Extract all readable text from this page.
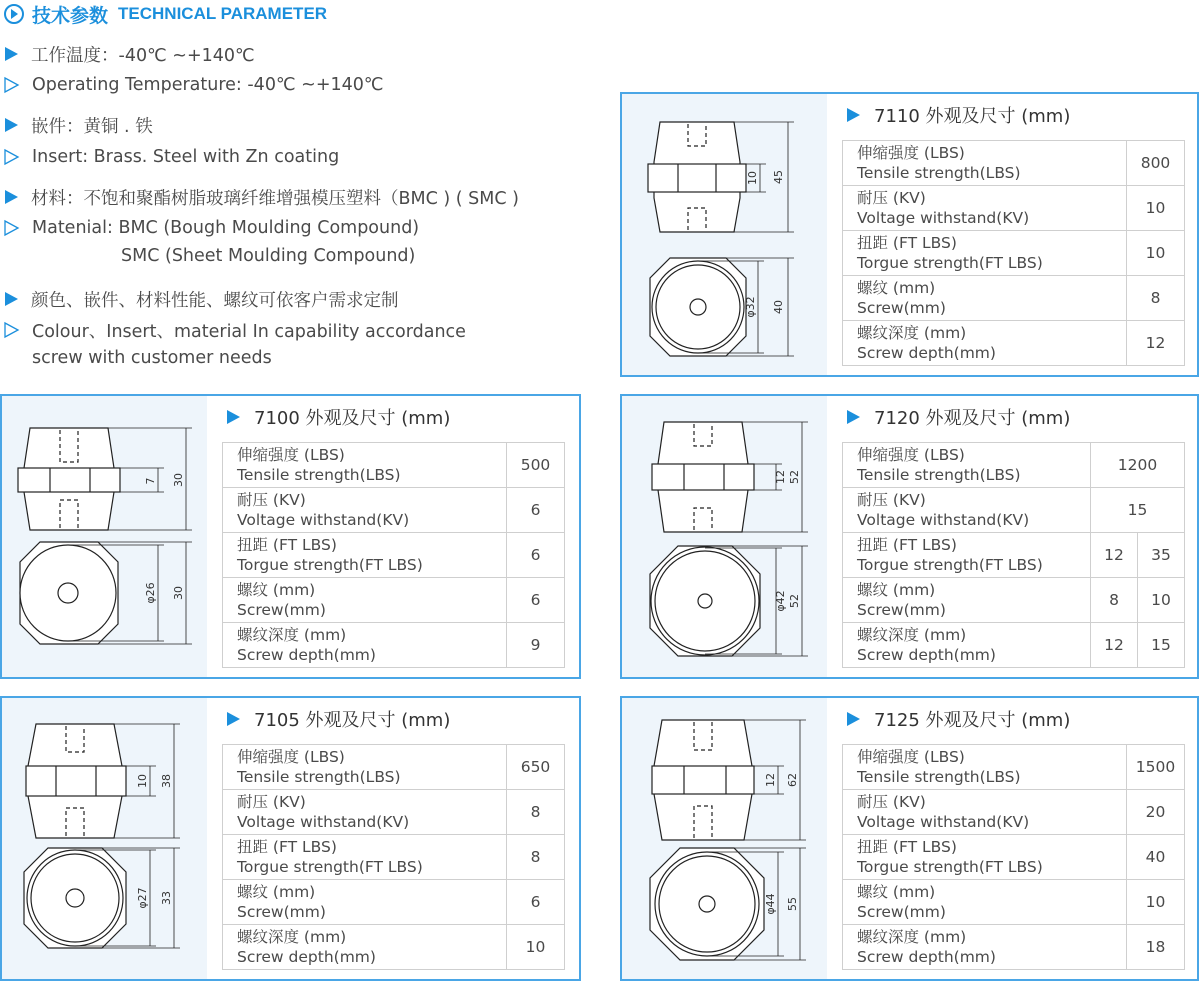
技术参数 TECHNICAL PARAMETER
工作温度：-40℃ ~+140℃
Operating Temperature: -40℃ ~+140℃
嵌件：黄铜 . 铁
Insert: Brass. Steel with Zn coating
材料：不饱和聚酯树脂玻璃纤维增强模压塑料（BMC ) ( SMC )
Matenial: BMC (Bough Moulding Compound)
SMC (Sheet Moulding Compound)
颜色、嵌件、材料性能、螺纹可依客户需求定制
Colour、Insert、material In capability accordance
screw with customer needs
45
10
φ32 40
7110 外观及尺寸 (mm)
伸缩强度 (LBS)
Tensile strength(LBS)	800

耐压 (KV)
Voltage withstand(KV)	10

扭距 (FT LBS)
Torgue strength(FT LBS)	10

螺纹 (mm)
Screw(mm)	8

螺纹深度 (mm)
Screw depth(mm)	12
30
7
φ26 30
7100 外观及尺寸 (mm)
伸缩强度 (LBS)
Tensile strength(LBS)	500

耐压 (KV)
Voltage withstand(KV)	6

扭距 (FT LBS)
Torgue strength(FT LBS)	6

螺纹 (mm)
Screw(mm)	6

螺纹深度 (mm)
Screw depth(mm)	9
52
12
φ42 52
7120 外观及尺寸 (mm)
伸缩强度 (LBS)
Tensile strength(LBS)	1200	

耐压 (KV)
Voltage withstand(KV)	15	

扭距 (FT LBS)
Torgue strength(FT LBS)	12	35

螺纹 (mm)
Screw(mm)	8	10

螺纹深度 (mm)
Screw depth(mm)	12	15
38
10
φ27 33
7105 外观及尺寸 (mm)
伸缩强度 (LBS)
Tensile strength(LBS)	650

耐压 (KV)
Voltage withstand(KV)	8

扭距 (FT LBS)
Torgue strength(FT LBS)	8

螺纹 (mm)
Screw(mm)	6

螺纹深度 (mm)
Screw depth(mm)	10
62
12
φ44 55
7125 外观及尺寸 (mm)
伸缩强度 (LBS)
Tensile strength(LBS)	1500

耐压 (KV)
Voltage withstand(KV)	20

扭距 (FT LBS)
Torgue strength(FT LBS)	40

螺纹 (mm)
Screw(mm)	10

螺纹深度 (mm)
Screw depth(mm)	18
